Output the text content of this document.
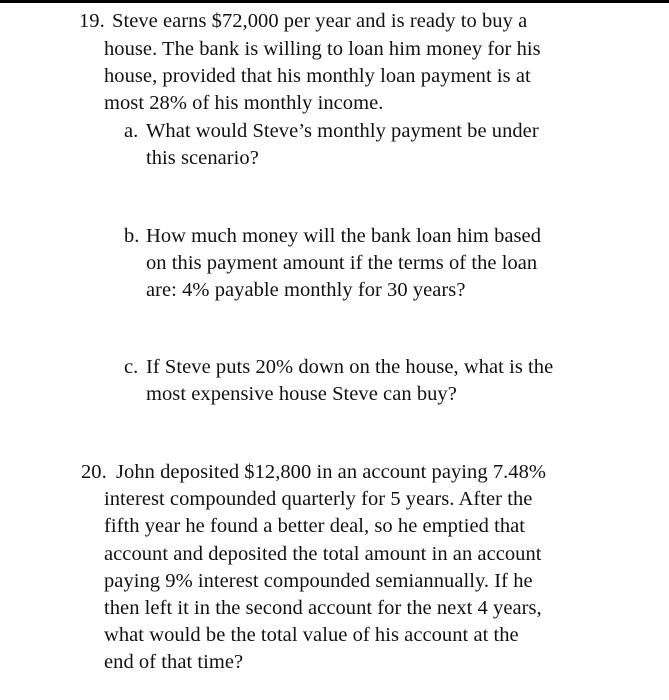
19. Steve earns $72,000 per year and is ready to buy a
house. The bank is willing to loan him money for his
house, provided that his monthly loan payment is at
most 28% of his monthly income.
a. What would Steve’s monthly payment be under
this scenario?
b. How much money will the bank loan him based
on this payment amount if the terms of the loan
are: 4% payable monthly for 30 years?
c. If Steve puts 20% down on the house, what is the
most expensive house Steve can buy?
20. John deposited $12,800 in an account paying 7.48%
interest compounded quarterly for 5 years. After the
fifth year he found a better deal, so he emptied that
account and deposited the total amount in an account
paying 9% interest compounded semiannually. If he
then left it in the second account for the next 4 years,
what would be the total value of his account at the
end of that time?
